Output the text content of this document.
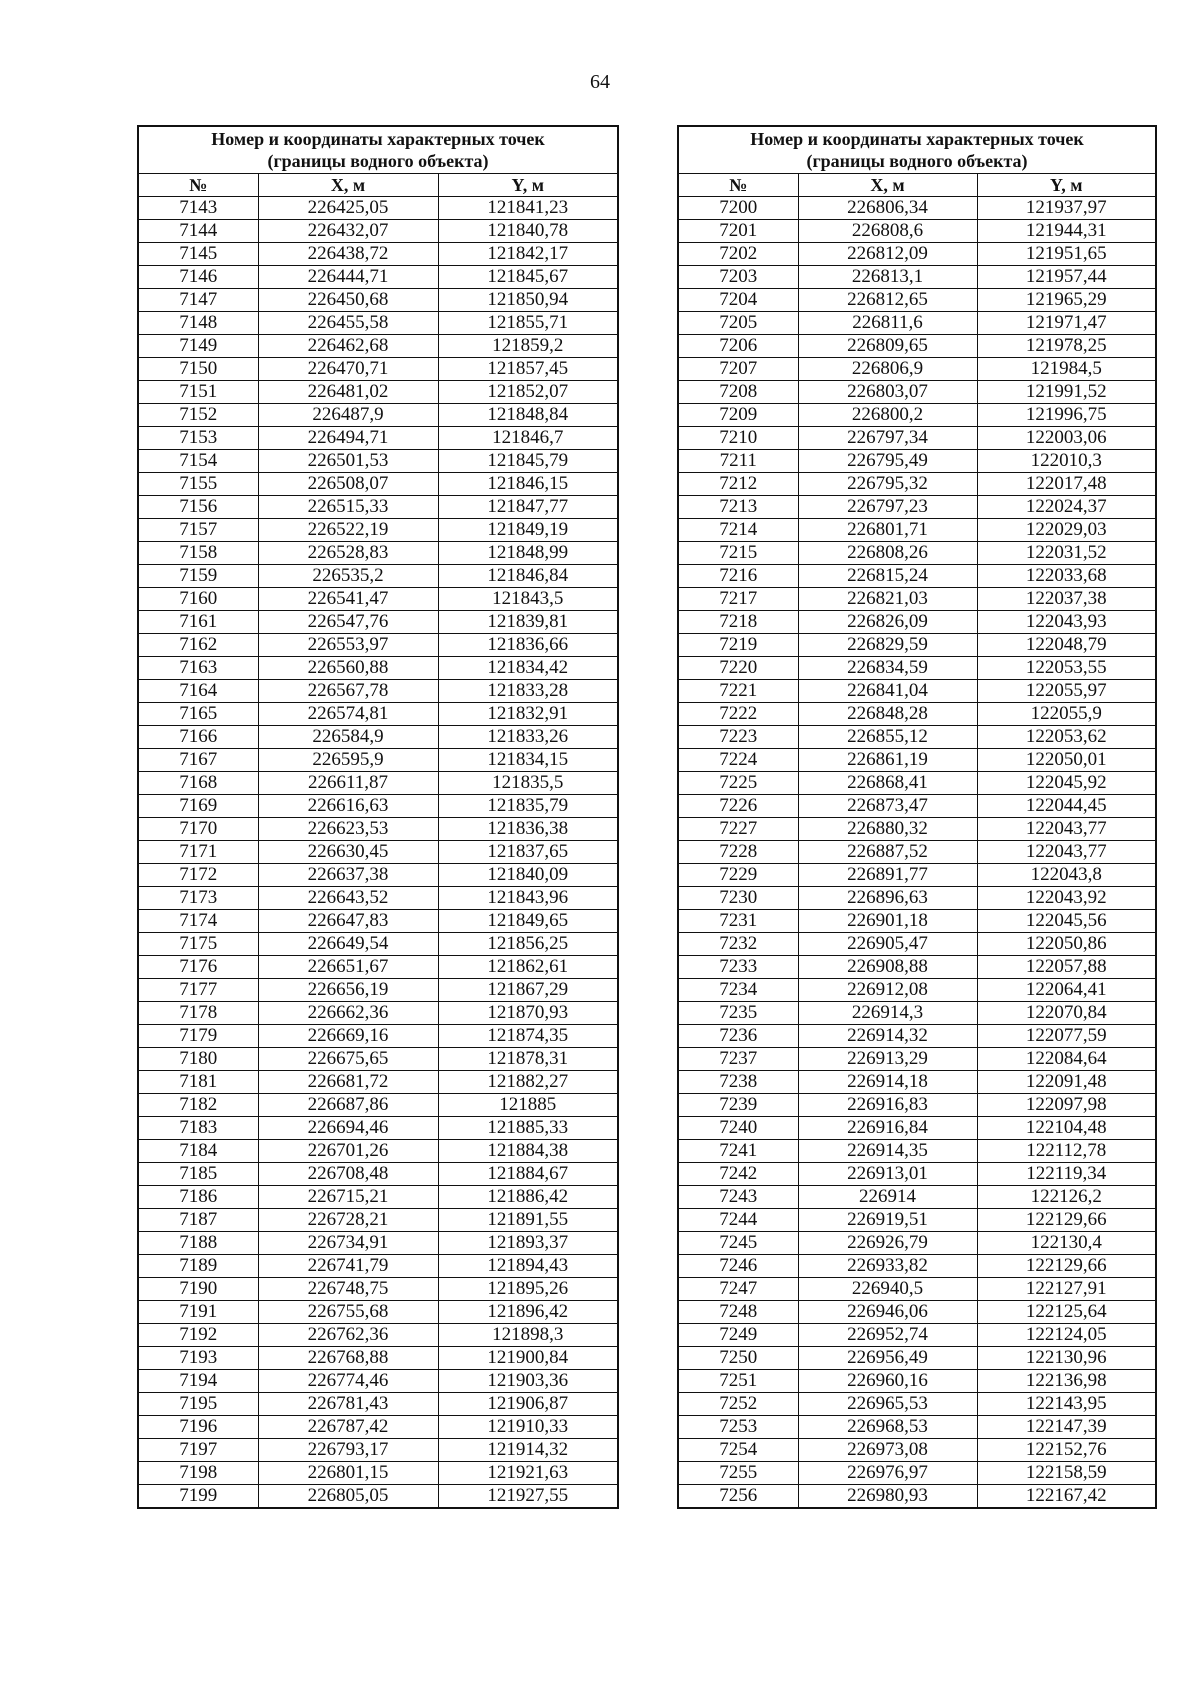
64
Номер и координаты характерных точек
(границы водного объекта)		
№	X, м	Y, м
7143	226425,05	121841,23
7144	226432,07	121840,78
7145	226438,72	121842,17
7146	226444,71	121845,67
7147	226450,68	121850,94
7148	226455,58	121855,71
7149	226462,68	121859,2
7150	226470,71	121857,45
7151	226481,02	121852,07
7152	226487,9	121848,84
7153	226494,71	121846,7
7154	226501,53	121845,79
7155	226508,07	121846,15
7156	226515,33	121847,77
7157	226522,19	121849,19
7158	226528,83	121848,99
7159	226535,2	121846,84
7160	226541,47	121843,5
7161	226547,76	121839,81
7162	226553,97	121836,66
7163	226560,88	121834,42
7164	226567,78	121833,28
7165	226574,81	121832,91
7166	226584,9	121833,26
7167	226595,9	121834,15
7168	226611,87	121835,5
7169	226616,63	121835,79
7170	226623,53	121836,38
7171	226630,45	121837,65
7172	226637,38	121840,09
7173	226643,52	121843,96
7174	226647,83	121849,65
7175	226649,54	121856,25
7176	226651,67	121862,61
7177	226656,19	121867,29
7178	226662,36	121870,93
7179	226669,16	121874,35
7180	226675,65	121878,31
7181	226681,72	121882,27
7182	226687,86	121885
7183	226694,46	121885,33
7184	226701,26	121884,38
7185	226708,48	121884,67
7186	226715,21	121886,42
7187	226728,21	121891,55
7188	226734,91	121893,37
7189	226741,79	121894,43
7190	226748,75	121895,26
7191	226755,68	121896,42
7192	226762,36	121898,3
7193	226768,88	121900,84
7194	226774,46	121903,36
7195	226781,43	121906,87
7196	226787,42	121910,33
7197	226793,17	121914,32
7198	226801,15	121921,63
7199	226805,05	121927,55
Номер и координаты характерных точек
(границы водного объекта)		
№	X, м	Y, м
7200	226806,34	121937,97
7201	226808,6	121944,31
7202	226812,09	121951,65
7203	226813,1	121957,44
7204	226812,65	121965,29
7205	226811,6	121971,47
7206	226809,65	121978,25
7207	226806,9	121984,5
7208	226803,07	121991,52
7209	226800,2	121996,75
7210	226797,34	122003,06
7211	226795,49	122010,3
7212	226795,32	122017,48
7213	226797,23	122024,37
7214	226801,71	122029,03
7215	226808,26	122031,52
7216	226815,24	122033,68
7217	226821,03	122037,38
7218	226826,09	122043,93
7219	226829,59	122048,79
7220	226834,59	122053,55
7221	226841,04	122055,97
7222	226848,28	122055,9
7223	226855,12	122053,62
7224	226861,19	122050,01
7225	226868,41	122045,92
7226	226873,47	122044,45
7227	226880,32	122043,77
7228	226887,52	122043,77
7229	226891,77	122043,8
7230	226896,63	122043,92
7231	226901,18	122045,56
7232	226905,47	122050,86
7233	226908,88	122057,88
7234	226912,08	122064,41
7235	226914,3	122070,84
7236	226914,32	122077,59
7237	226913,29	122084,64
7238	226914,18	122091,48
7239	226916,83	122097,98
7240	226916,84	122104,48
7241	226914,35	122112,78
7242	226913,01	122119,34
7243	226914	122126,2
7244	226919,51	122129,66
7245	226926,79	122130,4
7246	226933,82	122129,66
7247	226940,5	122127,91
7248	226946,06	122125,64
7249	226952,74	122124,05
7250	226956,49	122130,96
7251	226960,16	122136,98
7252	226965,53	122143,95
7253	226968,53	122147,39
7254	226973,08	122152,76
7255	226976,97	122158,59
7256	226980,93	122167,42
